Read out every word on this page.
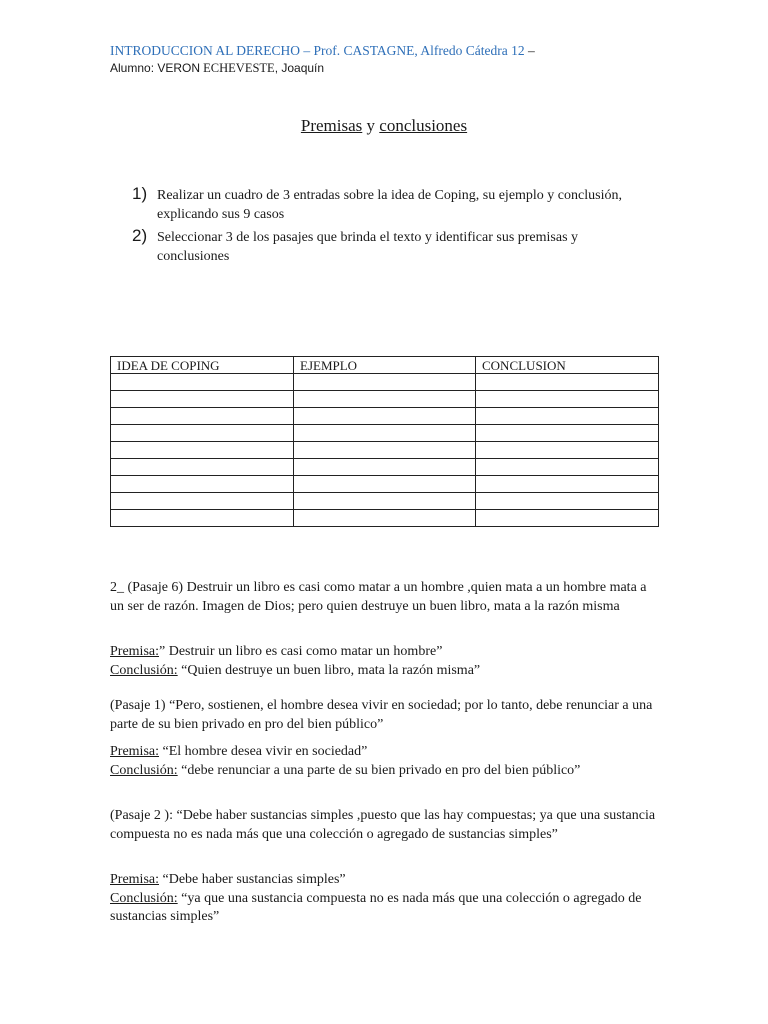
INTRODUCCION AL DERECHO – Prof. CASTAGNE, Alfredo Cátedra 12 –
Alumno: VERON ECHEVESTE, Joaquín
Premisas y conclusiones
1) Realizar un cuadro de 3 entradas sobre la idea de Coping, su ejemplo y conclusión, explicando sus 9 casos
2) Seleccionar 3 de los pasajes que brinda el texto y identificar sus premisas y conclusiones
IDEA DE COPING	EJEMPLO	CONCLUSION

2_ (Pasaje 6) Destruir un libro es casi como matar a un hombre ,quien mata a un hombre mata a un ser de razón. Imagen de Dios; pero quien destruye un buen libro, mata a la razón misma
Premisa:” Destruir un libro es casi como matar un hombre”
Conclusión: “Quien destruye un buen libro, mata la razón misma”
(Pasaje 1) “Pero, sostienen, el hombre desea vivir en sociedad; por lo tanto, debe renunciar a una parte de su bien privado en pro del bien público”
Premisa: “El hombre desea vivir en sociedad”
Conclusión: “debe renunciar a una parte de su bien privado en pro del bien público”
(Pasaje 2 ): “Debe haber sustancias simples ,puesto que las hay compuestas; ya que una sustancia compuesta no es nada más que una colección o agregado de sustancias simples”
Premisa: “Debe haber sustancias simples”
Conclusión: “ya que una sustancia compuesta no es nada más que una colección o agregado de sustancias simples”
